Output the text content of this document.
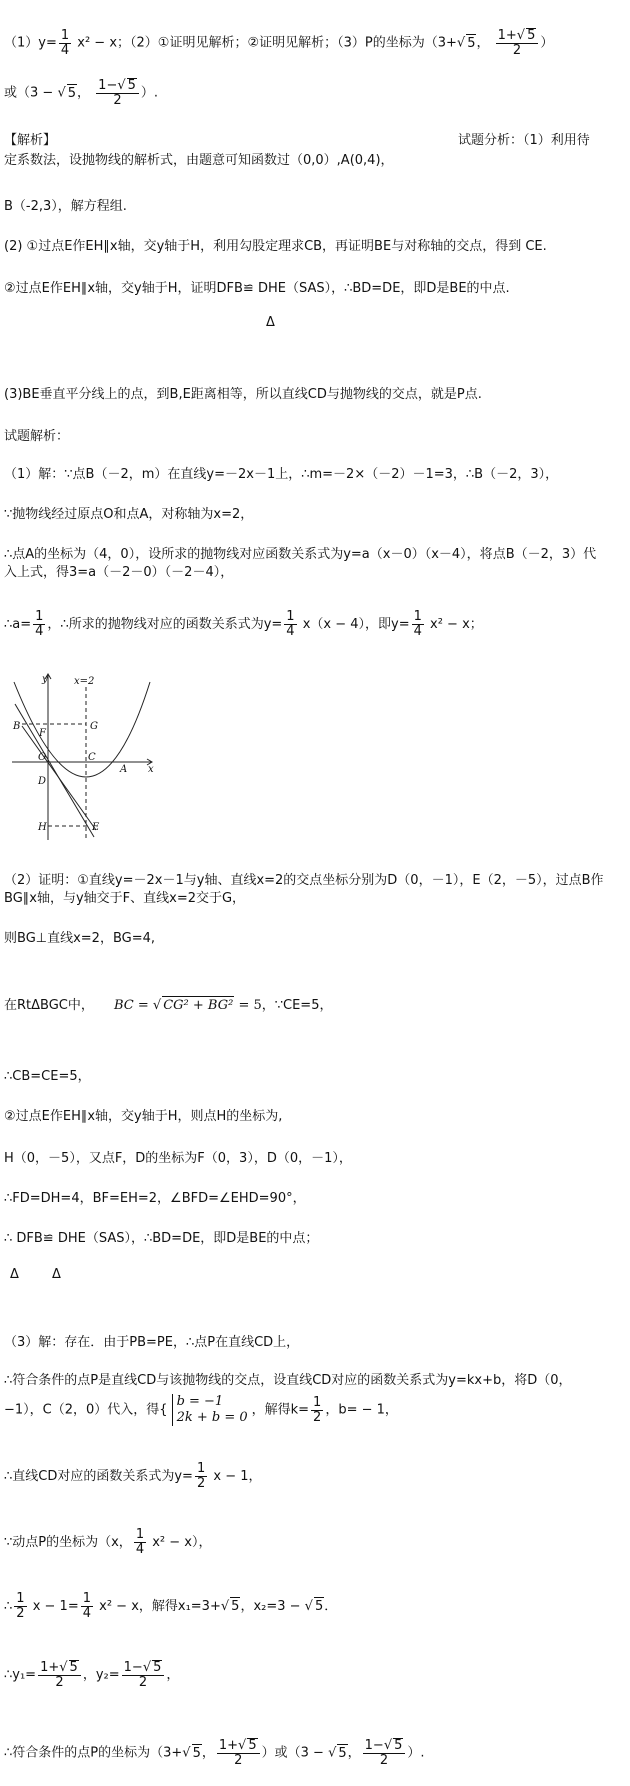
$(1)y= \frac{1}{4} x^2 - x$；（2）①证明见解析；②证明见解析；（3）P的坐标为（3+√ 5， $\frac{1+√ 5}{2}$ ）
或（3 − √ 5， $\frac{1-√ 5}{2}$ ）.
【解析】	试题分析：（1）利用待
定系数法，设抛物线的解析式，由题意可知函数过（0,0）,A(0,4)，
B（-2,3），解方程组.
(2) ①过点E作EH∥x轴，交y轴于H，利用勾股定理求CB，再证明BE与对称轴的交点，得到 CE.
②过点E作EH∥x轴，交y轴于H，证明DFB≌ DHE（SAS），∴BD=DE，即D是BE的中点.
Δ
(3)BE垂直平分线上的点，到B,E距离相等，所以直线CD与抛物线的交点，就是P点.
试题解析：
（1）解：∵点B（－2，m）在直线y=－2x－1上，∴m=－2×（－2）－1=3，∴B（－2，3），
∵抛物线经过原点O和点A，对称轴为x=2，
∴点A的坐标为（4，0），设所求的抛物线对应函数关系式为y=a（x－0）（x－4），将点B（－2，3）代
入上式，得3=a（－2－0）（－2－4），
∴a= $\frac{1}{4}$ ，∴所求的抛物线对应的函数关系式为$y= \frac{1}{4} x(x - 4)$，即$y= \frac{1}{4} x^2 - x$；
y	x=2
B
F
G
O	C
A x
D
H	E
（2）证明：①直线y=－2x－1与y轴、直线x=2的交点坐标分别为D（0，－1），E（2，－5），过点B作
BG∥x轴，与y轴交于F、直线x=2交于G，
则BG⊥直线x=2，BG=4,
在RtΔBGC中， BC = √ CG² + BG² = 5，∵CE=5，
∴CB=CE=5，
②过点E作EH∥x轴，交y轴于H，则点H的坐标为,
H（0，－5），又点F，D的坐标为F（0，3），D（0，－1），
∴FD=DH=4，BF=EH=2，∠BFD=∠EHD=90°，
∴ DFB≌ DHE（SAS），∴BD=DE，即D是BE的中点；
Δ	Δ
（3）解：存在．由于PB=PE，∴点P在直线CD上，
∴符合条件的点P是直线CD与该抛物线的交点，设直线CD对应的函数关系式为y=kx+b，将D（0，
−1），C（2，0）代入，得{
b = −1
2k + b = 0 ，解得$k= \frac{1}{2}$ ，b= − 1，
∴直线CD对应的函数关系式为$y= \frac{1}{2}$ x − 1，
∵动点P的坐标为（x， $\frac{1}{4} x^2 - x$），
∴ $\frac{1}{2}$ $x - 1= \frac{1}{4} x^2 - x$，解得x₁=3+√ 5，x₂=3 − √ 5．
∴y₁= $\frac{1+√ 5}{2}$ ，$y_2= \frac{1-√ 5}{2}$ ，
∴符合条件的点P的坐标为（3+√ 5， $\frac{1+√ 5}{2}$ ）或（3 − √ 5， $\frac{1-√ 5}{2}$ ）.
